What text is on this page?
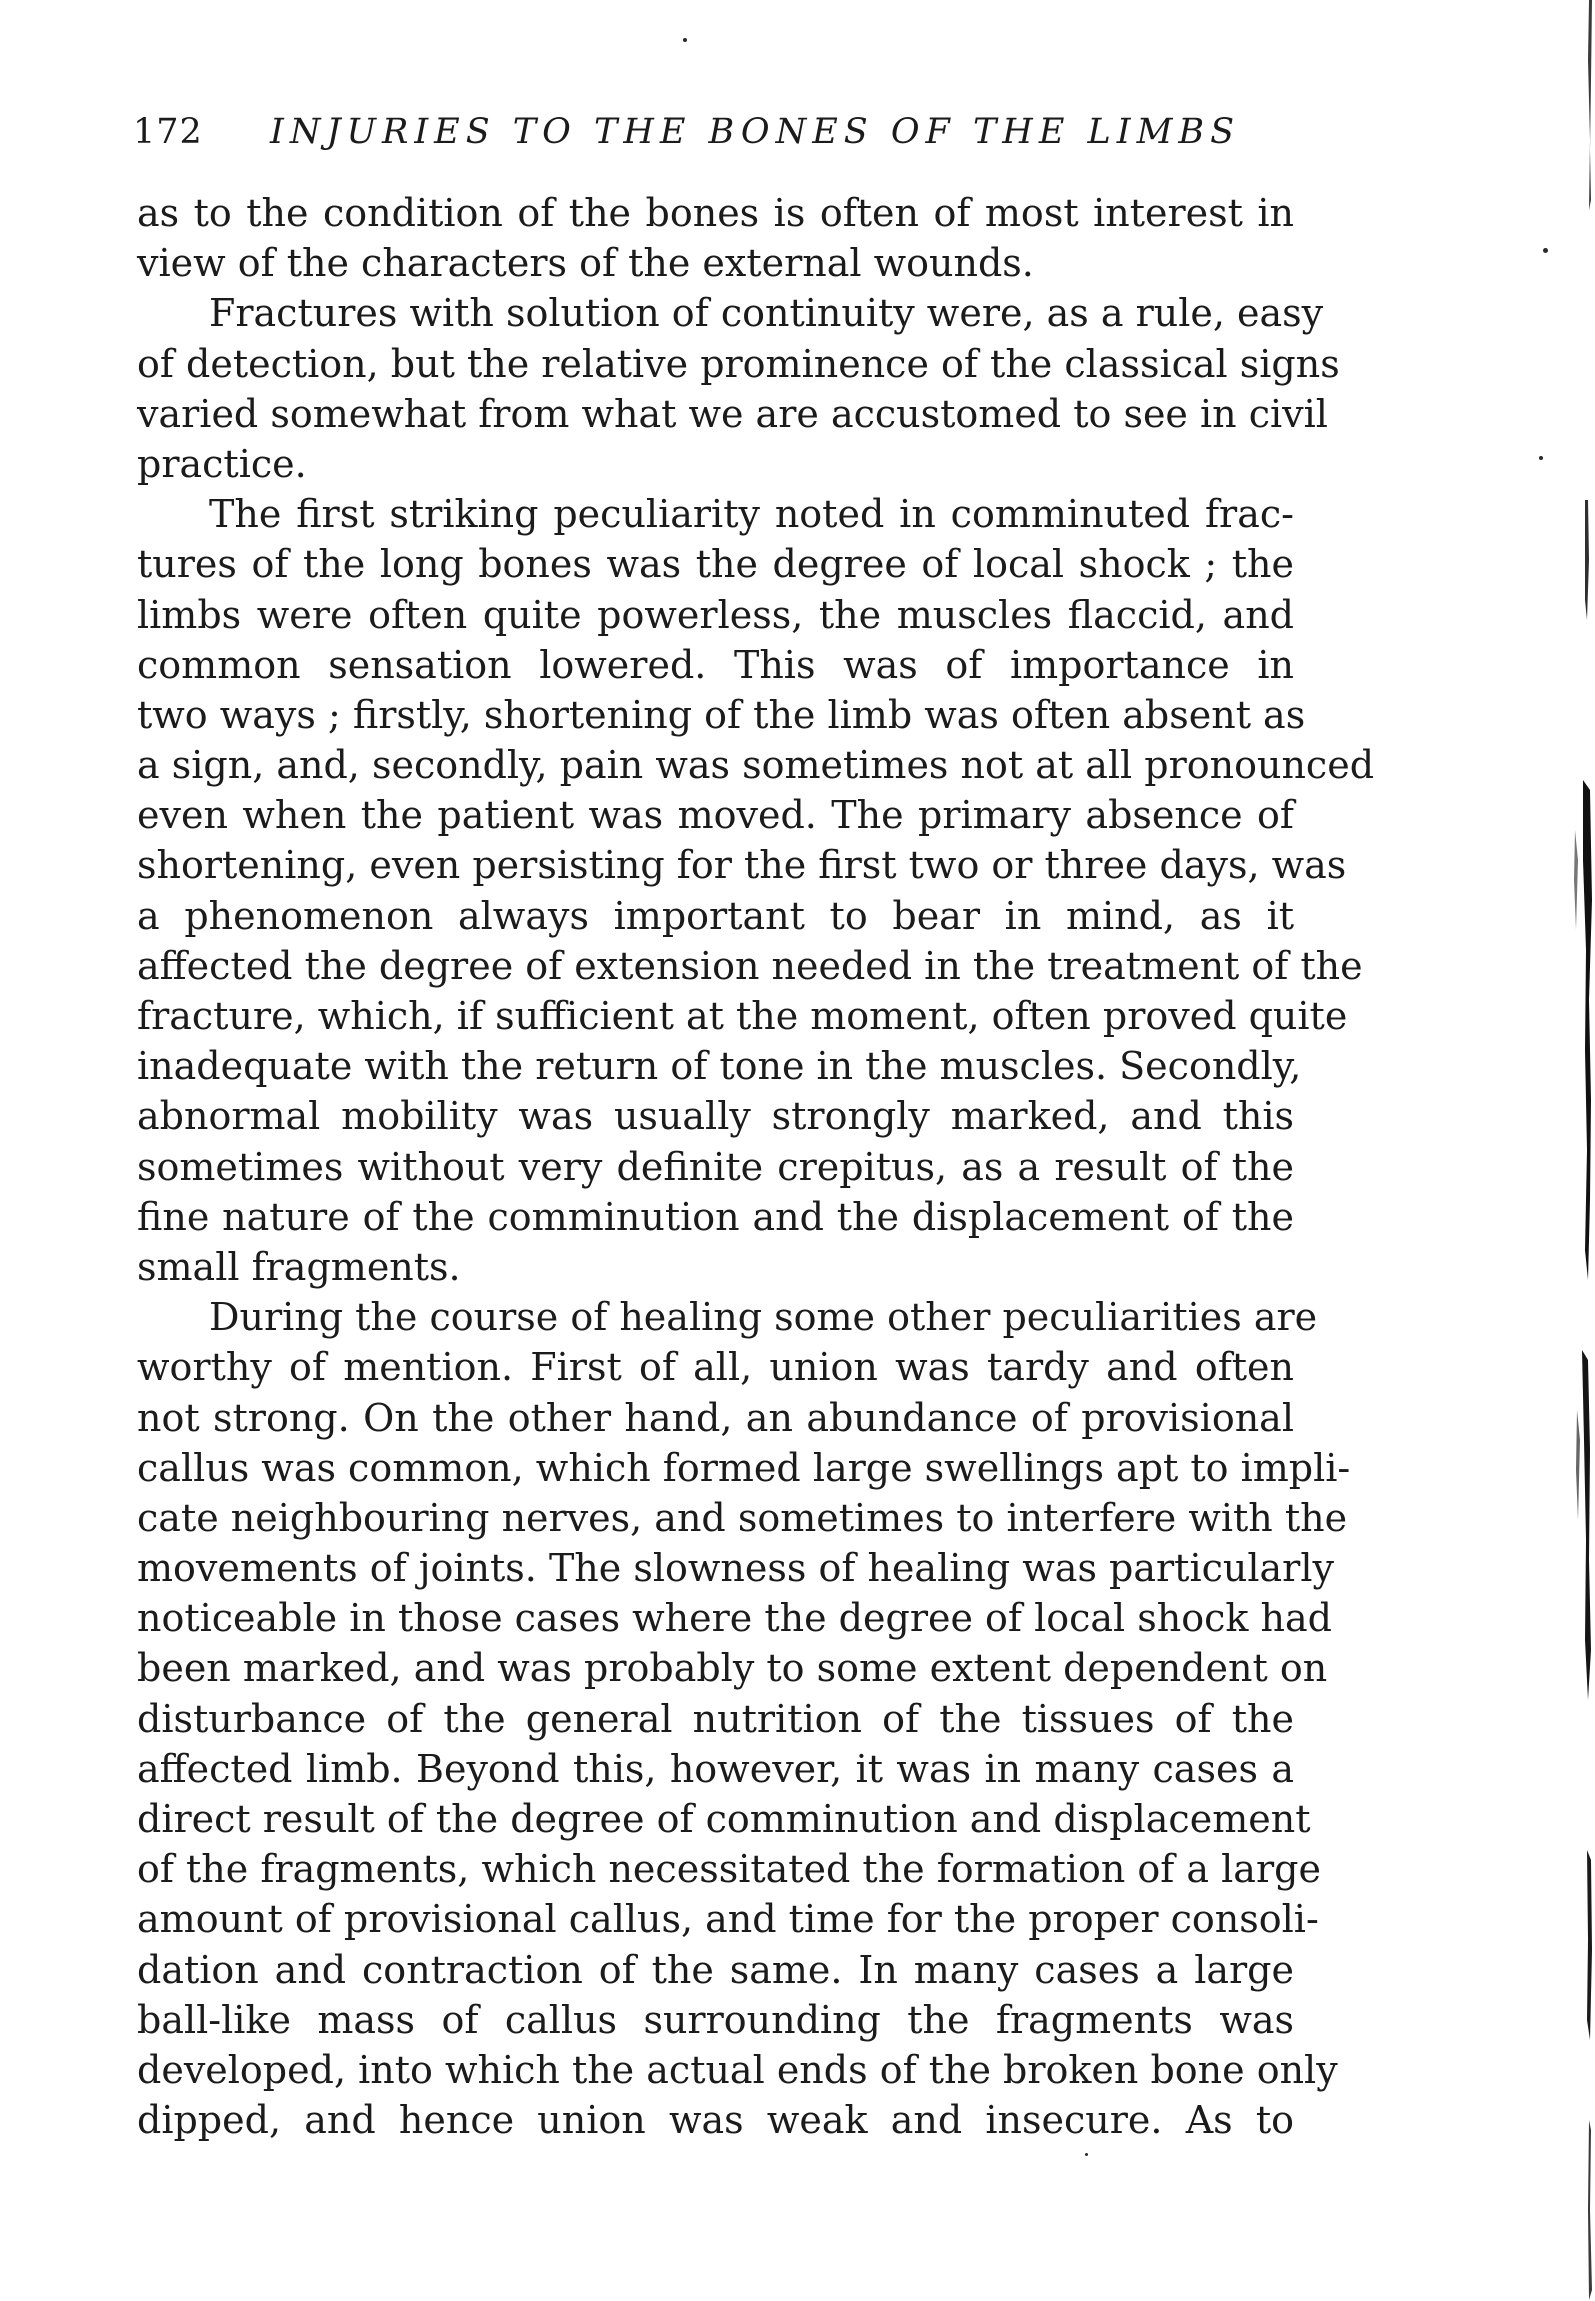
172 INJURIES TO THE BONES OF THE LIMBS
as to the condition of the bones is often of most interest in
view of the characters of the external wounds.
Fractures with solution of continuity were, as a rule, easy
of detection, but the relative prominence of the classical signs
varied somewhat from what we are accustomed to see in civil
practice.
The first striking peculiarity noted in comminuted frac-
tures of the long bones was the degree of local shock ; the
limbs were often quite powerless, the muscles flaccid, and
common sensation lowered. This was of importance in
two ways ; firstly, shortening of the limb was often absent as
a sign, and, secondly, pain was sometimes not at all pronounced
even when the patient was moved. The primary absence of
shortening, even persisting for the first two or three days, was
a phenomenon always important to bear in mind, as it
affected the degree of extension needed in the treatment of the
fracture, which, if sufficient at the moment, often proved quite
inadequate with the return of tone in the muscles. Secondly,
abnormal mobility was usually strongly marked, and this
sometimes without very definite crepitus, as a result of the
fine nature of the comminution and the displacement of the
small fragments.
During the course of healing some other peculiarities are
worthy of mention. First of all, union was tardy and often
not strong. On the other hand, an abundance of provisional
callus was common, which formed large swellings apt to impli-
cate neighbouring nerves, and sometimes to interfere with the
movements of joints. The slowness of healing was particularly
noticeable in those cases where the degree of local shock had
been marked, and was probably to some extent dependent on
disturbance of the general nutrition of the tissues of the
affected limb. Beyond this, however, it was in many cases a
direct result of the degree of comminution and displacement
of the fragments, which necessitated the formation of a large
amount of provisional callus, and time for the proper consoli-
dation and contraction of the same. In many cases a large
ball-like mass of callus surrounding the fragments was
developed, into which the actual ends of the broken bone only
dipped, and hence union was weak and insecure. As to
